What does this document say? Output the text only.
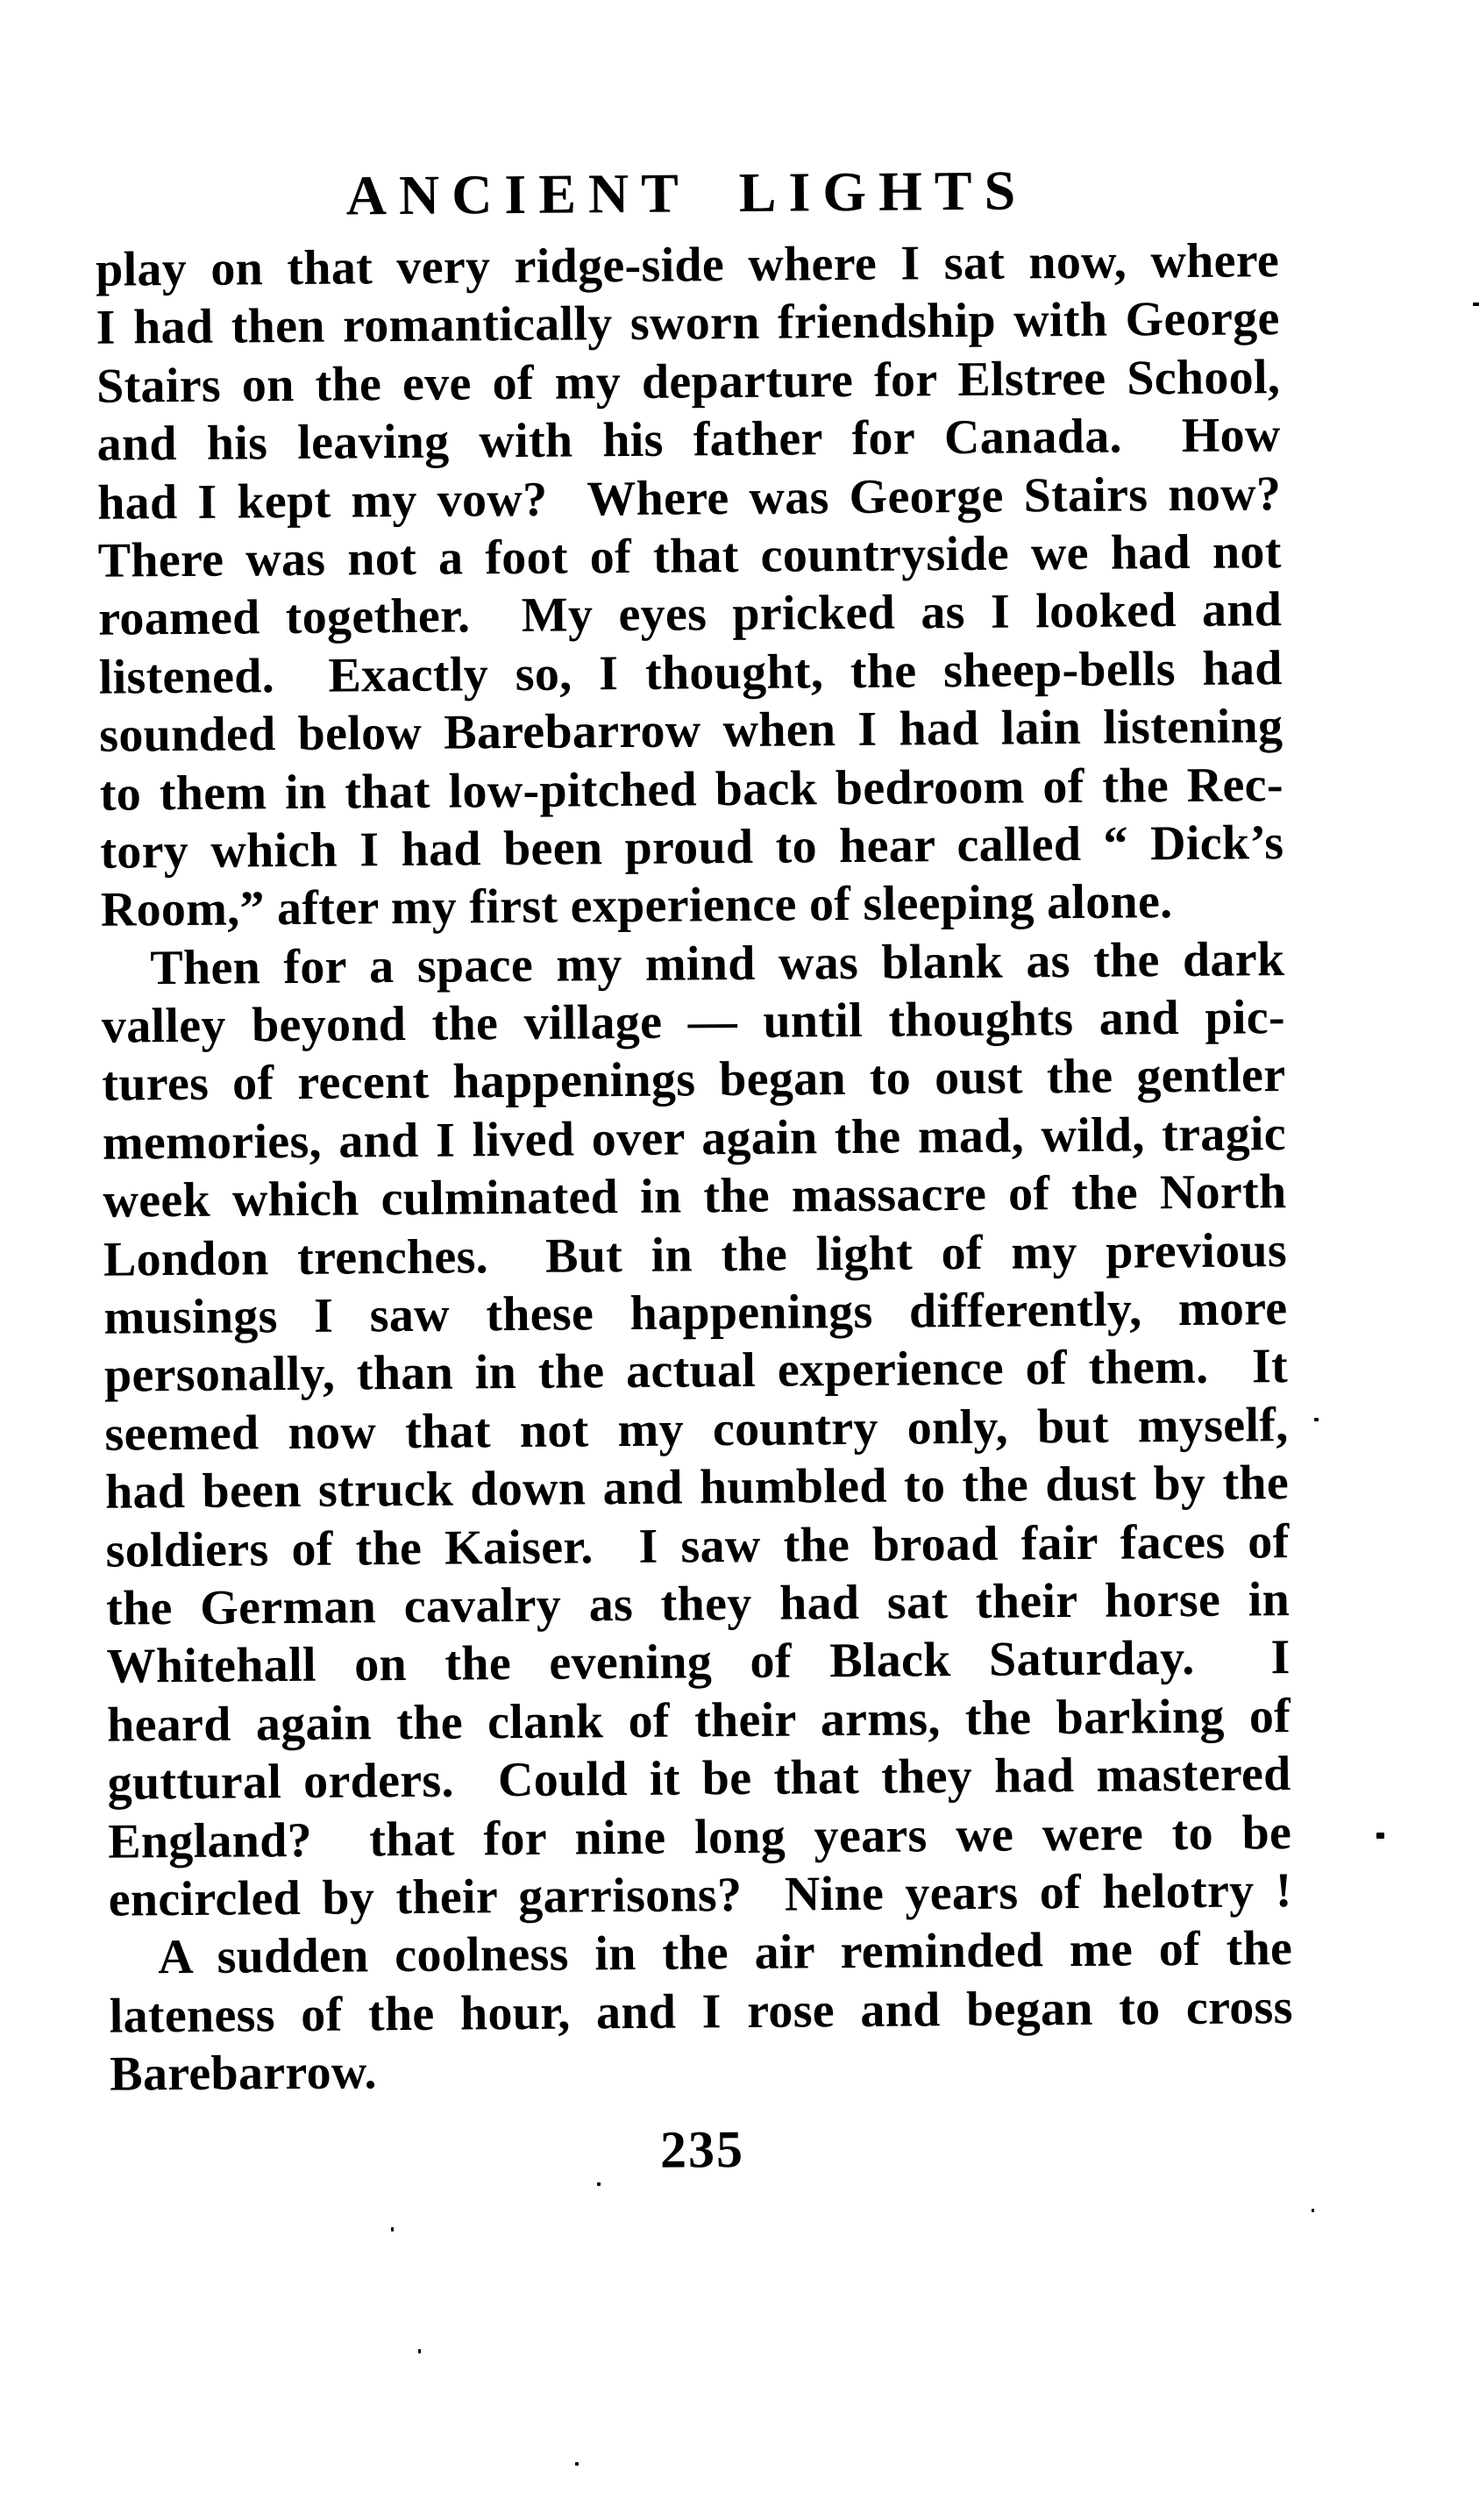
ANCIENT LIGHTS
play on that very ridge-side where I sat now, where
I had then romantically sworn friendship with George
Stairs on the eve of my departure for Elstree School,
and his leaving with his father for Canada.  How
had I kept my vow?  Where was George Stairs now?
There was not a foot of that countryside we had not
roamed together.  My eyes pricked as I looked and
listened.  Exactly so, I thought, the sheep-bells had
sounded below Barebarrow when I had lain listening
to them in that low-pitched back bedroom of the Rec-
tory which I had been proud to hear called “ Dick’s
Room,” after my first experience of sleeping alone.
Then for a space my mind was blank as the dark
valley beyond the village — until thoughts and pic-
tures of recent happenings began to oust the gentler
memories, and I lived over again the mad, wild, tragic
week which culminated in the massacre of the North
London trenches.  But in the light of my previous
musings I saw these happenings differently, more
personally, than in the actual experience of them.  It
seemed now that not my country only, but myself,
had been struck down and humbled to the dust by the
soldiers of the Kaiser.  I saw the broad fair faces of
the German cavalry as they had sat their horse in
Whitehall on the evening of Black Saturday.  I
heard again the clank of their arms, the barking of
guttural orders.  Could it be that they had mastered
England?  that for nine long years we were to be
encircled by their garrisons?  Nine years of helotry !
A sudden coolness in the air reminded me of the
lateness of the hour, and I rose and began to cross
Barebarrow.
235
